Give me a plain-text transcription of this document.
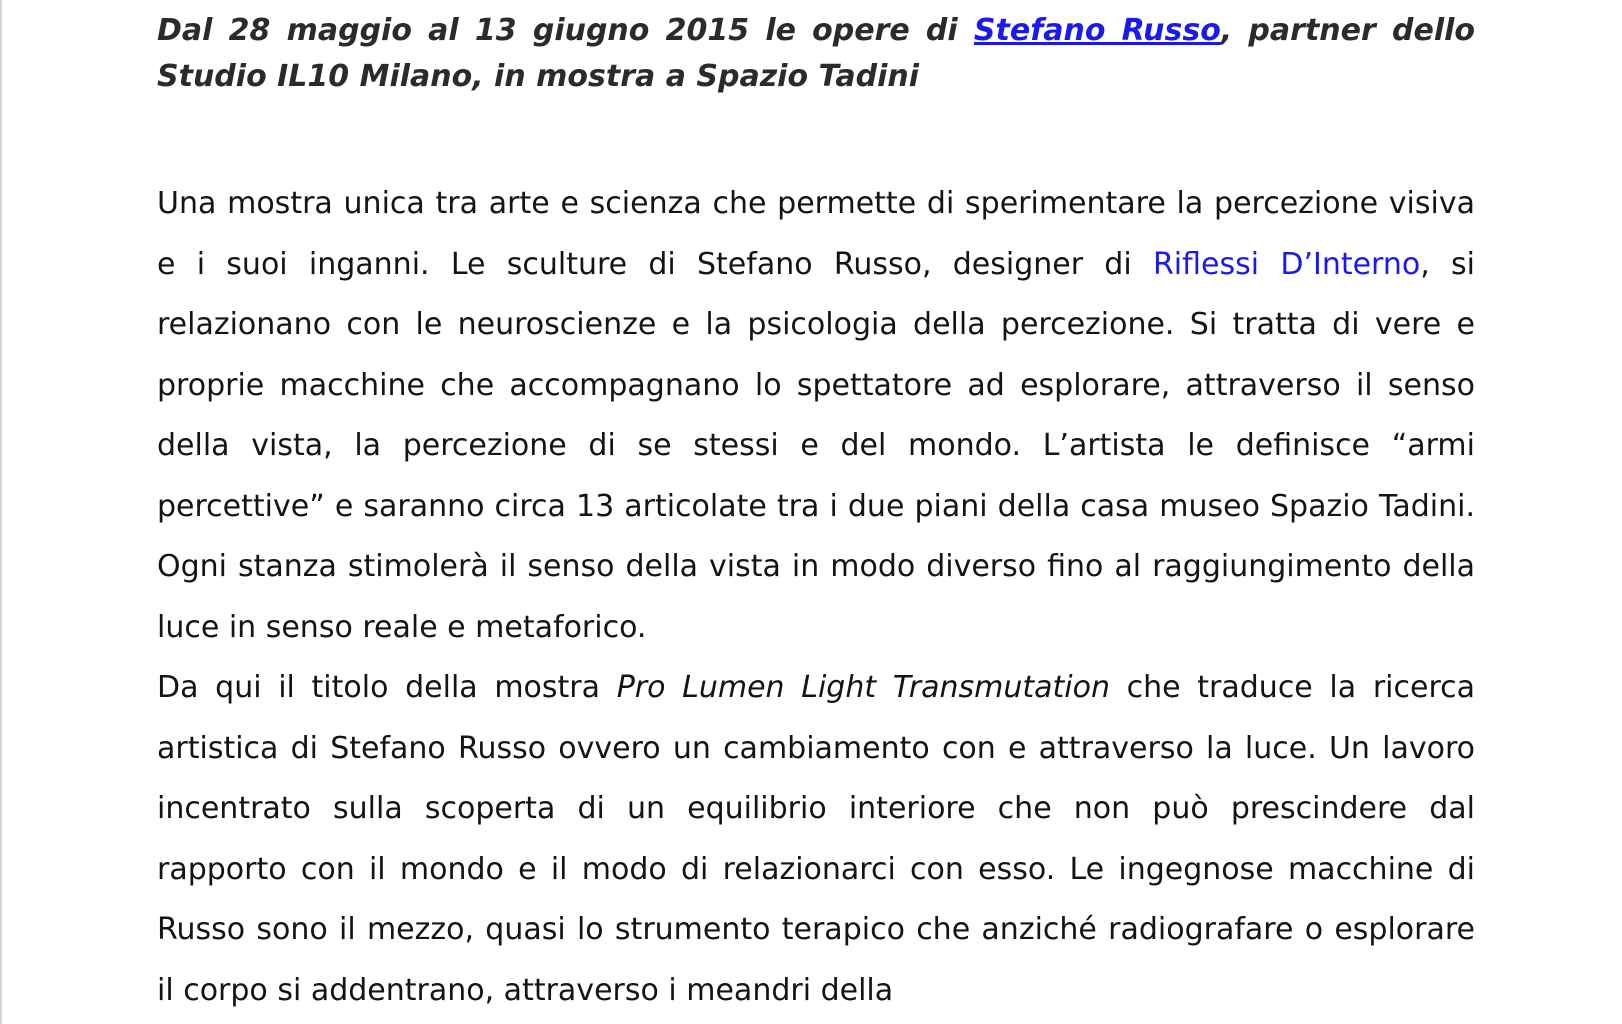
Dal 28 maggio al 13 giugno 2015 le opere di Stefano Russo, partner dello Studio IL10 Milano, in mostra a Spazio Tadini

Una mostra unica tra arte e scienza che permette di sperimentare la percezione visiva e i suoi inganni. Le sculture di Stefano Russo, designer di Riflessi D’Interno, si relazionano con le neuroscienze e la psicologia della percezione. Si tratta di vere e proprie macchine che accompagnano lo spettatore ad esplorare, attraverso il senso della vista, la percezione di se stessi e del mondo. L’artista le definisce “armi percettive” e saranno circa 13 articolate tra i due piani della casa museo Spazio Tadini. Ogni stanza stimolerà il senso della vista in modo diverso fino al raggiungimento della luce in senso reale e metaforico.

Da qui il titolo della mostra Pro Lumen Light Transmutation che traduce la ricerca artistica di Stefano Russo ovvero un cambiamento con e attraverso la luce. Un lavoro incentrato sulla scoperta di un equilibrio interiore che non può prescindere dal rapporto con il mondo e il modo di relazionarci con esso. Le ingegnose macchine di Russo sono il mezzo, quasi lo strumento terapico che anziché radiografare o esplorare il corpo si addentrano, attraverso i meandri della
